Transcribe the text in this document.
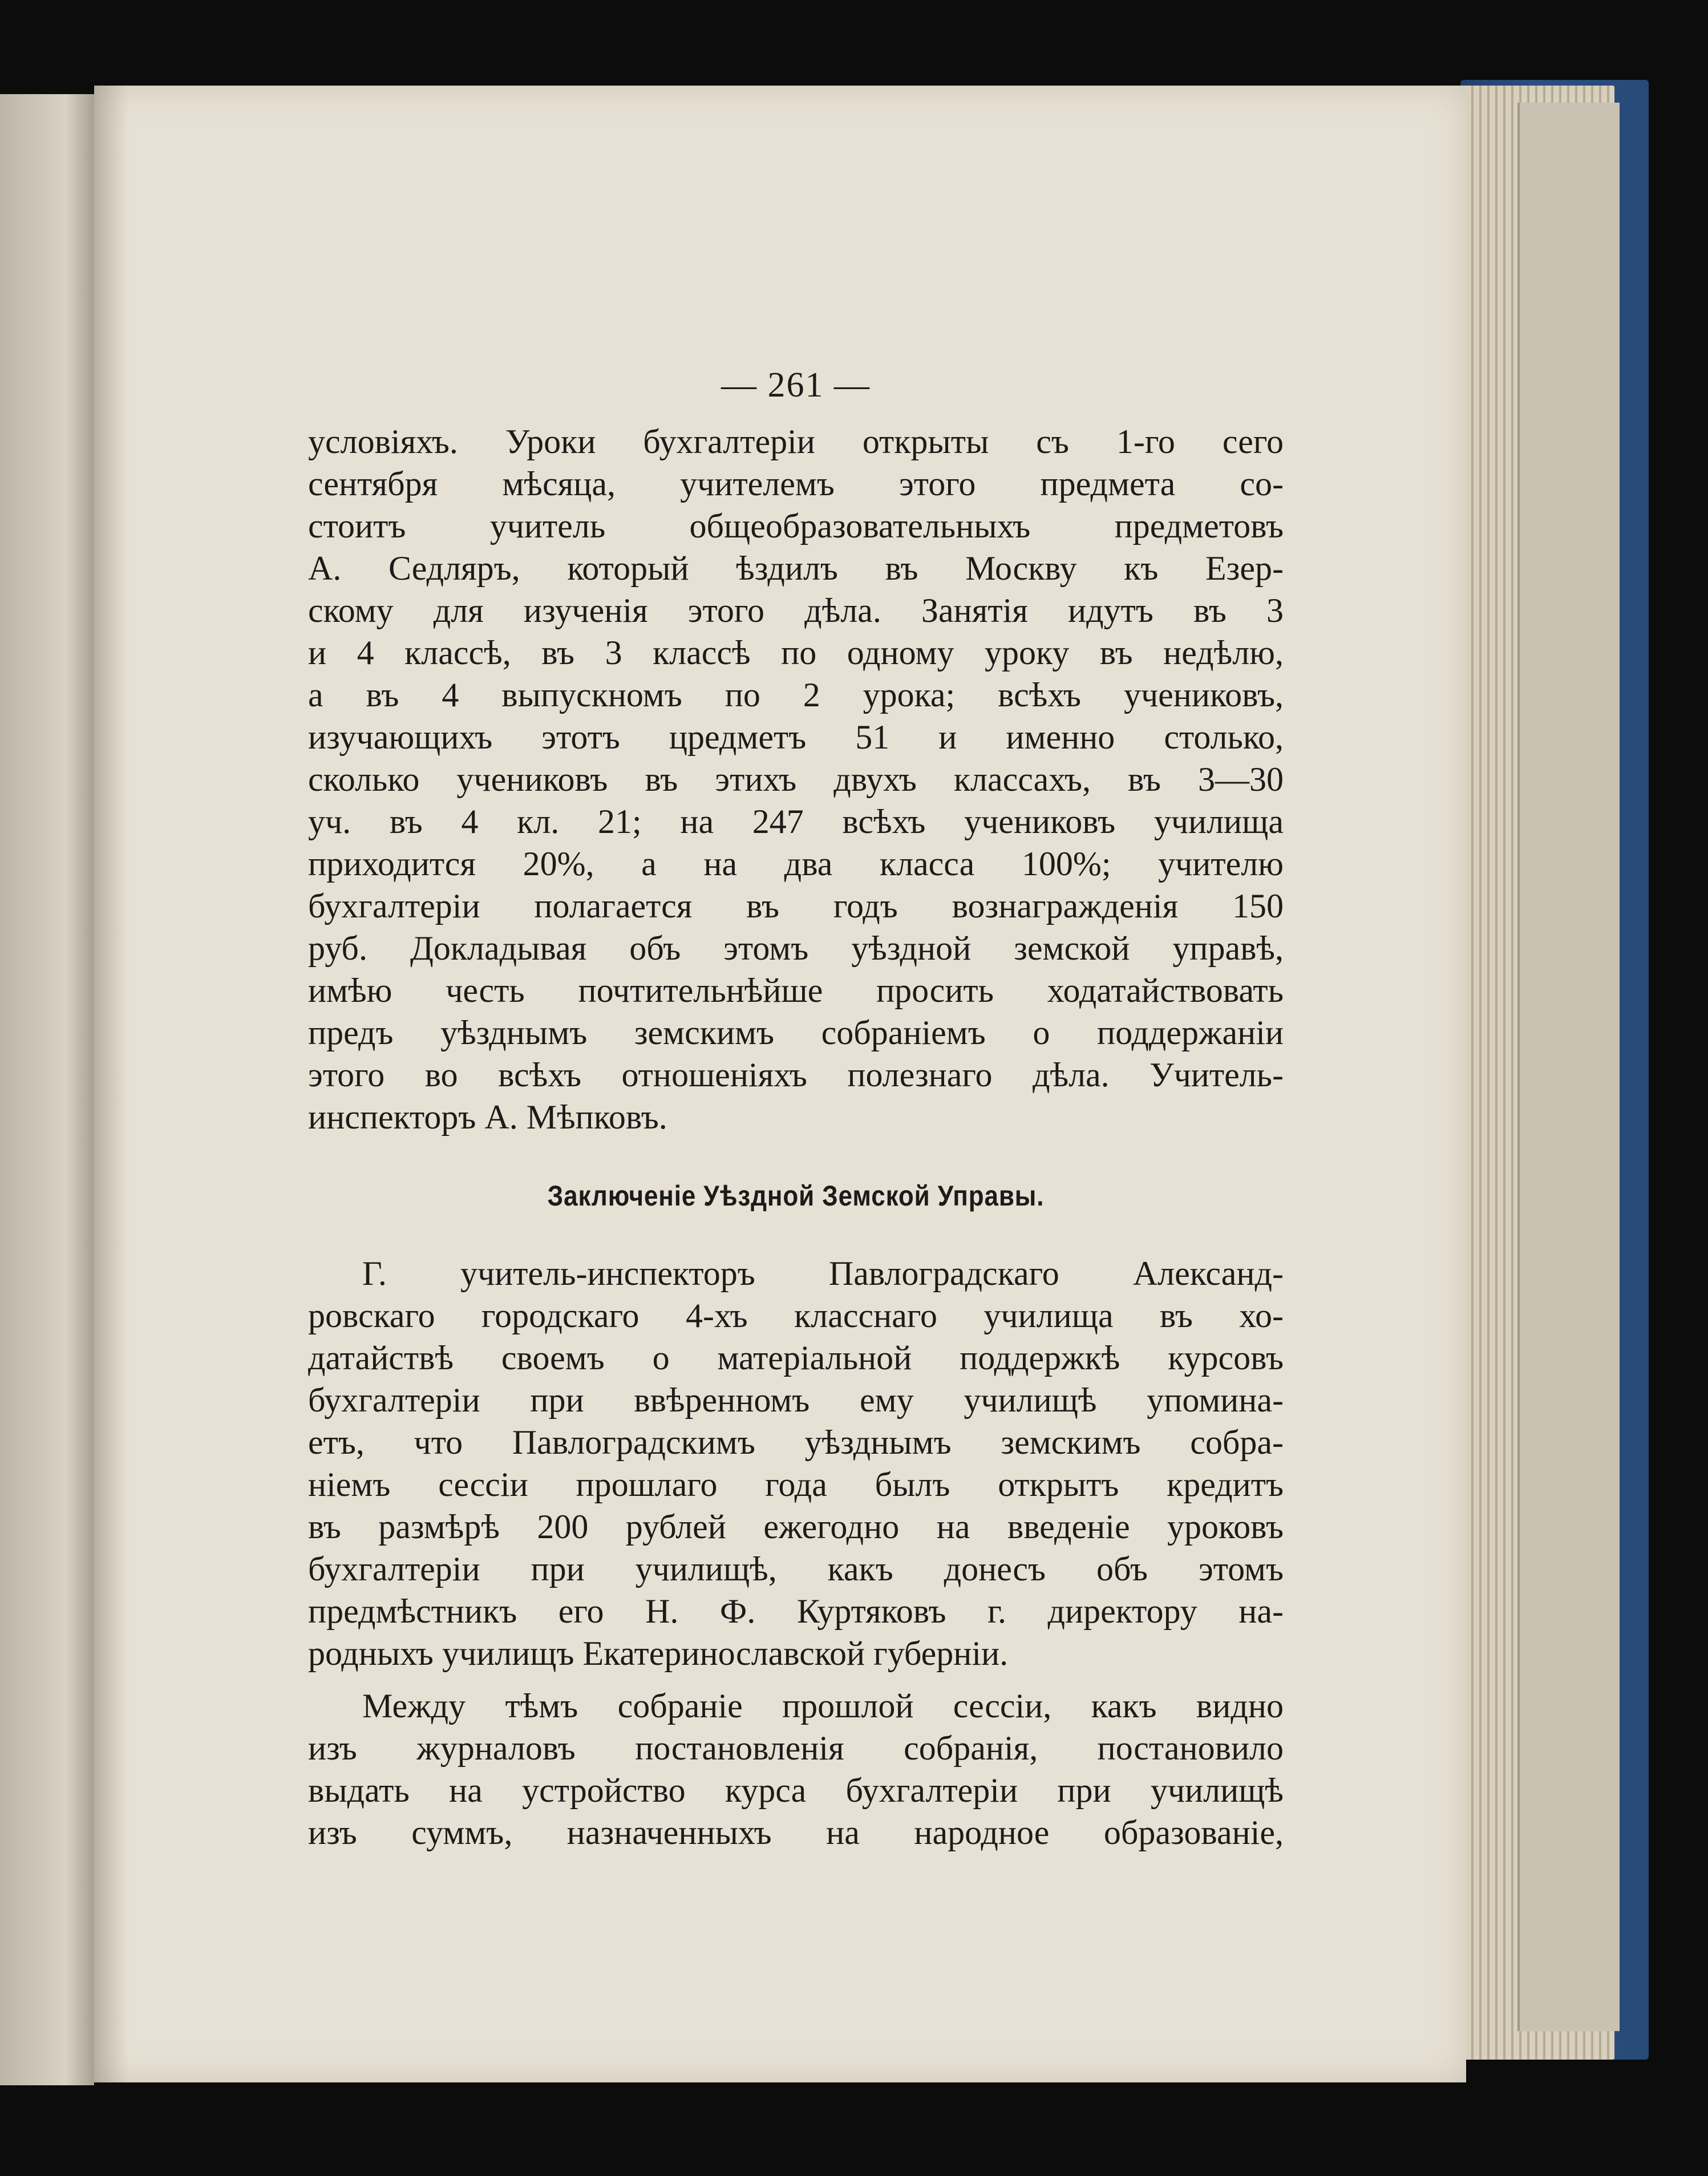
— 261 —
условіяхъ. Уроки бухгалтеріи открыты съ 1-го сего
сентября мѣсяца, учителемъ этого предмета со-
стоитъ учитель общеобразовательныхъ предметовъ
А. Седляръ, который ѣздилъ въ Москву къ Езер-
скому для изученія этого дѣла. Занятія идутъ въ 3
и 4 классѣ, въ 3 классѣ по одному уроку въ недѣлю,
а въ 4 выпускномъ по 2 урока; всѣхъ учениковъ,
изучающихъ этотъ цредметъ 51 и именно столько,
сколько учениковъ въ этихъ двухъ классахъ, въ 3—30
уч. въ 4 кл. 21; на 247 всѣхъ учениковъ училища
приходится 20%, а на два класса 100%; учителю
бухгалтеріи полагается въ годъ вознагражденія 150
руб. Докладывая объ этомъ уѣздной земской управѣ,
имѣю честь почтительнѣйше просить ходатайствовать
предъ уѣзднымъ земскимъ собраніемъ о поддержаніи
этого во всѣхъ отношеніяхъ полезнаго дѣла. Учитель-
инспекторъ А. Мѣпковъ.
Заключеніе Уѣздной Земской Управы.
Г. учитель-инспекторъ Павлоградскаго Александ-
ровскаго городскаго 4-хъ класснаго училища въ хо-
датайствѣ своемъ о матеріальной поддержкѣ курсовъ
бухгалтеріи при ввѣренномъ ему училищѣ упомина-
етъ, что Павлоградскимъ уѣзднымъ земскимъ собра-
ніемъ сессіи прошлаго года былъ открытъ кредитъ
въ размѣрѣ 200 рублей ежегодно на введеніе уроковъ
бухгалтеріи при училищѣ, какъ донесъ объ этомъ
предмѣстникъ его Н. Ф. Куртяковъ г. директору на-
родныхъ училищъ Екатеринославской губерніи.
Между тѣмъ собраніе прошлой сессіи, какъ видно
изъ журналовъ постановленія собранія, постановило
выдать на устройство курса бухгалтеріи при училищѣ
изъ суммъ, назначенныхъ на народное образованіе,
